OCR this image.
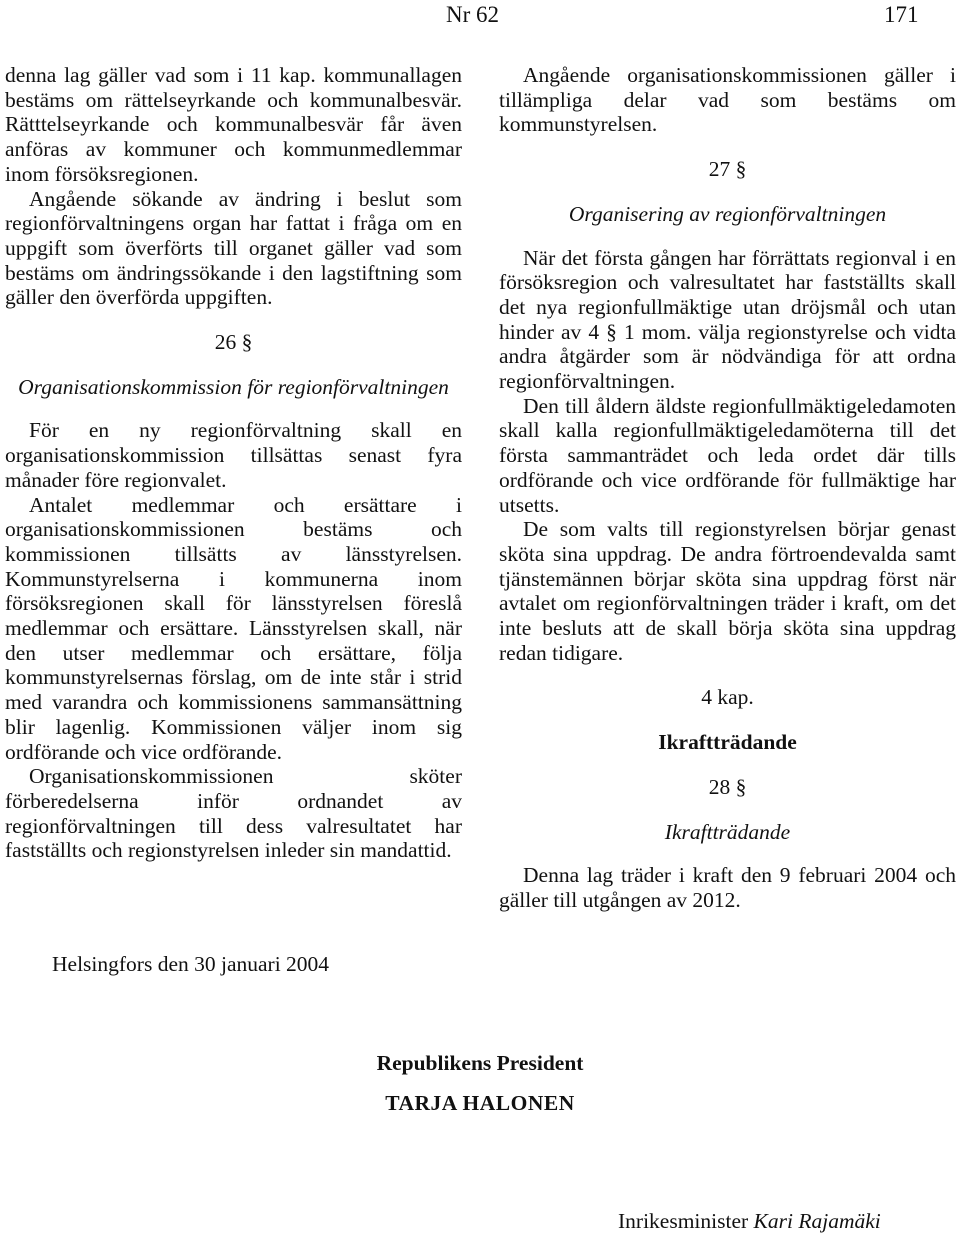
Nr 62	171

denna lag gäller vad som i 11 kap. kommunallagen bestäms om rättelseyrkande och kommunalbesvär. Rätttelseyrkande och kommunalbesvär får även anföras av kommuner och kommunmedlemmar inom försöksregionen.

Angående sökande av ändring i beslut som regionförvaltningens organ har fattat i fråga om en uppgift som överförts till organet gäller vad som bestäms om ändringssökande i den lagstiftning som gäller den överförda uppgiften.

26 §
Organisationskommission för regionförvaltningen

För en ny regionförvaltning skall en organisationskommission tillsättas senast fyra månader före regionvalet.

Antalet medlemmar och ersättare i organisationskommissionen bestäms och kommissionen tillsätts av länsstyrelsen. Kommunstyrelserna i kommunerna inom försöksregionen skall för länsstyrelsen föreslå medlemmar och ersättare. Länsstyrelsen skall, när den utser medlemmar och ersättare, följa kommunstyrelsernas förslag, om de inte står i strid med varandra och kommissionens sammansättning blir lagenlig. Kommissionen väljer inom sig ordförande och vice ordförande.

Organisationskommissionen sköter förberedelserna inför ordnandet av regionförvaltningen till dess valresultatet har fastställts och regionstyrelsen inleder sin mandattid.

Angående organisationskommissionen gäller i tillämpliga delar vad som bestäms om kommunstyrelsen.

27 §
Organisering av regionförvaltningen

När det första gången har förrättats regionval i en försöksregion och valresultatet har fastställts skall det nya regionfullmäktige utan dröjsmål och utan hinder av 4 § 1 mom. välja regionstyrelse och vidta andra åtgärder som är nödvändiga för att ordna regionförvaltningen.

Den till åldern äldste regionfullmäktigeledamoten skall kalla regionfullmäktigeledamöterna till det första sammanträdet och leda ordet där tills ordförande och vice ordförande för fullmäktige har utsetts.

De som valts till regionstyrelsen börjar genast sköta sina uppdrag. De andra förtroendevalda samt tjänstemännen börjar sköta sina uppdrag först när avtalet om regionförvaltningen träder i kraft, om det inte besluts att de skall börja sköta sina uppdrag redan tidigare.

4 kap.
Ikraftträdande
28 §
Ikraftträdande

Denna lag träder i kraft den 9 februari 2004 och gäller till utgången av 2012.

Helsingfors den 30 januari 2004
Republikens President
TARJA HALONEN
Inrikesminister Kari Rajamäki
